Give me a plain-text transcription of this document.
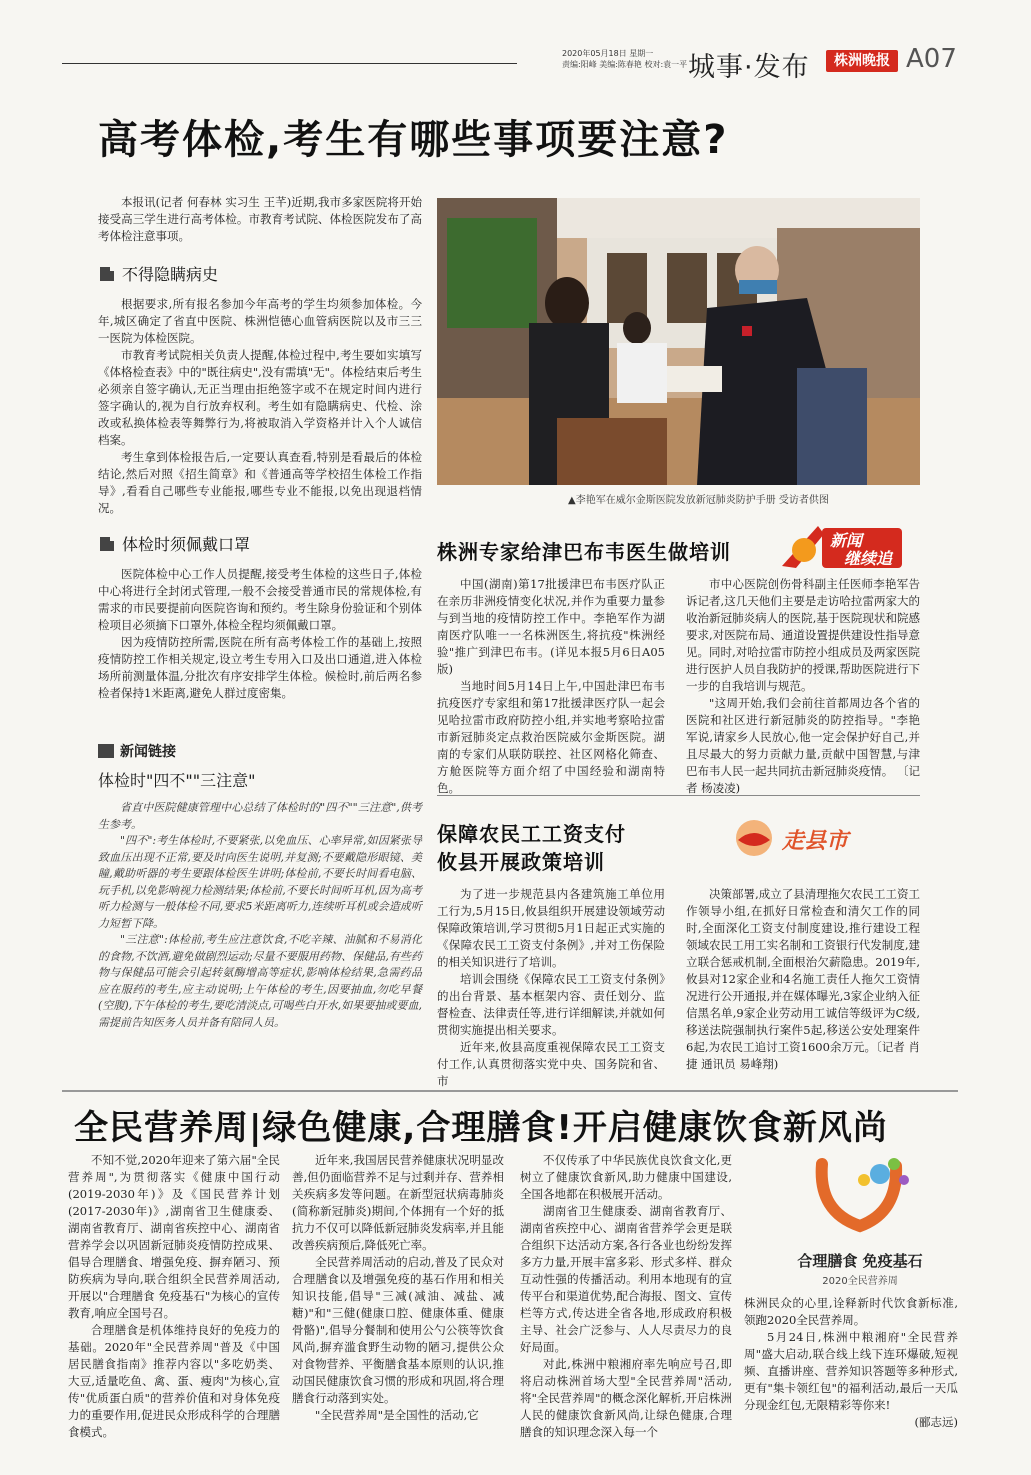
2020年05月18日 星期一
责编:阳峰 美编:陈春艳 校对:袁一平 城事·发布	株洲晚报 A07
高考体检,考生有哪些事项要注意?

本报讯(记者 何春林 实习生 王芊)近期,我市多家医院将开始接受高三学生进行高考体检。市教育考试院、体检医院发布了高考体检注意事项。

不得隐瞒病史

根据要求,所有报名参加今年高考的学生均须参加体检。今年,城区确定了省直中医院、株洲恺德心血管病医院以及市三三一医院为体检医院。

市教育考试院相关负责人提醒,体检过程中,考生要如实填写《体格检查表》中的"既往病史",没有需填"无"。体检结束后考生必须亲自签字确认,无正当理由拒绝签字或不在规定时间内进行签字确认的,视为自行放弃权利。考生如有隐瞒病史、代检、涂改或私换体检表等舞弊行为,将被取消入学资格并计入个人诚信档案。

考生拿到体检报告后,一定要认真查看,特别是看最后的体检结论,然后对照《招生简章》和《普通高等学校招生体检工作指导》,看看自己哪些专业能报,哪些专业不能报,以免出现退档情况。

体检时须佩戴口罩

医院体检中心工作人员提醒,接受考生体检的这些日子,体检中心将进行全封闭式管理,一般不会接受普通市民的常规体检,有需求的市民要提前向医院咨询和预约。考生除身份验证和个别体检项目必须摘下口罩外,体检全程均须佩戴口罩。

因为疫情防控所需,医院在所有高考体检工作的基础上,按照疫情防控工作相关规定,设立考生专用入口及出口通道,进入体检场所前测量体温,分批次有序安排学生体检。候检时,前后两名参检者保持1米距离,避免人群过度密集。

新闻链接
体检时"四不""三注意"

省直中医院健康管理中心总结了体检时的"四不""三注意",供考生参考。

"四不":考生体检时,不要紧张,以免血压、心率异常,如因紧张导致血压出现不正常,要及时向医生说明,并复测;不要戴隐形眼镜、美瞳,戴助听器的考生要跟体检医生讲明;体检前,不要长时间看电脑、玩手机,以免影响视力检测结果;体检前,不要长时间听耳机,因为高考听力检测与一般体检不同,要求5米距离听力,连续听耳机或会造成听力短暂下降。

"三注意":体检前,考生应注意饮食,不吃辛辣、油腻和不易消化的食物,不饮酒,避免做剧烈运动;尽量不要服用药物、保健品,有些药物与保健品可能会引起转氨酶增高等症状,影响体检结果,急需药品应在服药的考生,应主动说明;上午体检的考生,因要抽血,勿吃早餐(空腹),下午体检的考生,要吃清淡点,可喝些白开水,如果要抽或要血,需提前告知医务人员并备有陪同人员。

▲李艳军在威尔金斯医院发放新冠肺炎防护手册 受访者供图
株洲专家给津巴布韦医生做培训	新闻
继续追

中国(湖南)第17批援津巴布韦医疗队正在亲历非洲疫情变化状况,并作为重要力量参与到当地的疫情防控工作中。李艳军作为湖南医疗队唯一一名株洲医生,将抗疫"株洲经验"推广到津巴布韦。(详见本报5月6日A05版)

当地时间5月14日上午,中国赴津巴布韦抗疫医疗专家组和第17批援津医疗队一起会见哈拉雷市政府防控小组,并实地考察哈拉雷市新冠肺炎定点救治医院威尔金斯医院。湖南的专家们从联防联控、社区网格化筛查、方舱医院等方面介绍了中国经验和湖南特色。

市中心医院创伤骨科副主任医师李艳军告诉记者,这几天他们主要是走访哈拉雷两家大的收治新冠肺炎病人的医院,基于医院现状和院感要求,对医院布局、通道设置提供建设性指导意见。同时,对哈拉雷市防控小组成员及两家医院进行医护人员自我防护的授课,帮助医院进行下一步的自我培训与规范。

"这周开始,我们会前往首都周边各个省的医院和社区进行新冠肺炎的防控指导。"李艳军说,请家乡人民放心,他一定会保护好自己,并且尽最大的努力贡献力量,贡献中国智慧,与津巴布韦人民一起共同抗击新冠肺炎疫情。 〔记者 杨凌凌)

保障农民工工资支付
攸县开展政策培训
走县市

为了进一步规范县内各建筑施工单位用工行为,5月15日,攸县组织开展建设领域劳动保障政策培训,学习贯彻5月1日起正式实施的《保障农民工工资支付条例》,并对工伤保险的相关知识进行了培训。

培训会围绕《保障农民工工资支付条例》的出台背景、基本框架内容、责任划分、监督检查、法律责任等,进行详细解读,并就如何贯彻实施提出相关要求。

近年来,攸县高度重视保障农民工工资支付工作,认真贯彻落实党中央、国务院和省、市

决策部署,成立了县清理拖欠农民工工资工作领导小组,在抓好日常检查和清欠工作的同时,全面深化工资支付制度建设,推行建设工程领域农民工用工实名制和工资银行代发制度,建立联合惩戒机制,全面根治欠薪隐患。2019年,攸县对12家企业和4名施工责任人拖欠工资情况进行公开通报,并在媒体曝光,3家企业纳入征信黑名单,9家企业劳动用工诚信等级评为C级,移送法院强制执行案件5起,移送公安处理案件6起,为农民工追讨工资1600余万元。〔记者 肖捷 通讯员 易峰翔)

全民营养周|绿色健康,合理膳食!开启健康饮食新风尚

不知不觉,2020年迎来了第六届"全民营养周",为贯彻落实《健康中国行动(2019-2030年)》及《国民营养计划(2017-2030年)》,湖南省卫生健康委、湖南省教育厅、湖南省疾控中心、湖南省营养学会以巩固新冠肺炎疫情防控成果、倡导合理膳食、增强免疫、摒弃陋习、预防疾病为导向,联合组织全民营养周活动,开展以"合理膳食 免疫基石"为核心的宣传教育,响应全国号召。

合理膳食是机体维持良好的免疫力的基础。2020年"全民营养周"普及《中国居民膳食指南》推荐内容以"多吃奶类、大豆,适量吃鱼、禽、蛋、瘦肉"为核心,宣传"优质蛋白质"的营养价值和对身体免疫力的重要作用,促进民众形成科学的合理膳食模式。

近年来,我国居民营养健康状况明显改善,但仍面临营养不足与过剩并存、营养相关疾病多发等问题。在新型冠状病毒肺炎(简称新冠肺炎)期间,个体拥有一个好的抵抗力不仅可以降低新冠肺炎发病率,并且能改善疾病预后,降低死亡率。

全民营养周活动的启动,普及了民众对合理膳食以及增强免疫的基石作用和相关知识技能,倡导"三减(减油、减盐、减糖)"和"三健(健康口腔、健康体重、健康骨骼)",倡导分餐制和使用公勺公筷等饮食风尚,摒弃滥食野生动物的陋习,提供公众对食物营养、平衡膳食基本原则的认识,推动国民健康饮食习惯的形成和巩固,将合理膳食行动落到实处。

"全民营养周"是全国性的活动,它

不仅传承了中华民族优良饮食文化,更树立了健康饮食新风,助力健康中国建设,全国各地都在积极展开活动。

湖南省卫生健康委、湖南省教育厅、湖南省疾控中心、湖南省营养学会更是联合组织下达活动方案,各行各业也纷纷发挥多方力量,开展丰富多彩、形式多样、群众互动性强的传播活动。利用本地现有的宣传平台和渠道优势,配合海报、图文、宣传栏等方式,传达进全省各地,形成政府积极主导、社会广泛参与、人人尽责尽力的良好局面。

对此,株洲中粮湘府率先响应号召,即将启动株洲首场大型"全民营养周"活动,将"全民营养周"的概念深化解析,开启株洲人民的健康饮食新风尚,让绿色健康,合理膳食的知识理念深入每一个

合理膳食 免疫基石
2020全民营养周

株洲民众的心里,诠释新时代饮食新标准,领跑2020全民营养周。

5月24日,株洲中粮湘府"全民营养周"盛大启动,联合线上线下连环爆破,短视频、直播讲座、营养知识答题等多种形式,更有"集卡领红包"的福利活动,最后一天瓜分现金红包,无限精彩等你来!

(郦志远)
